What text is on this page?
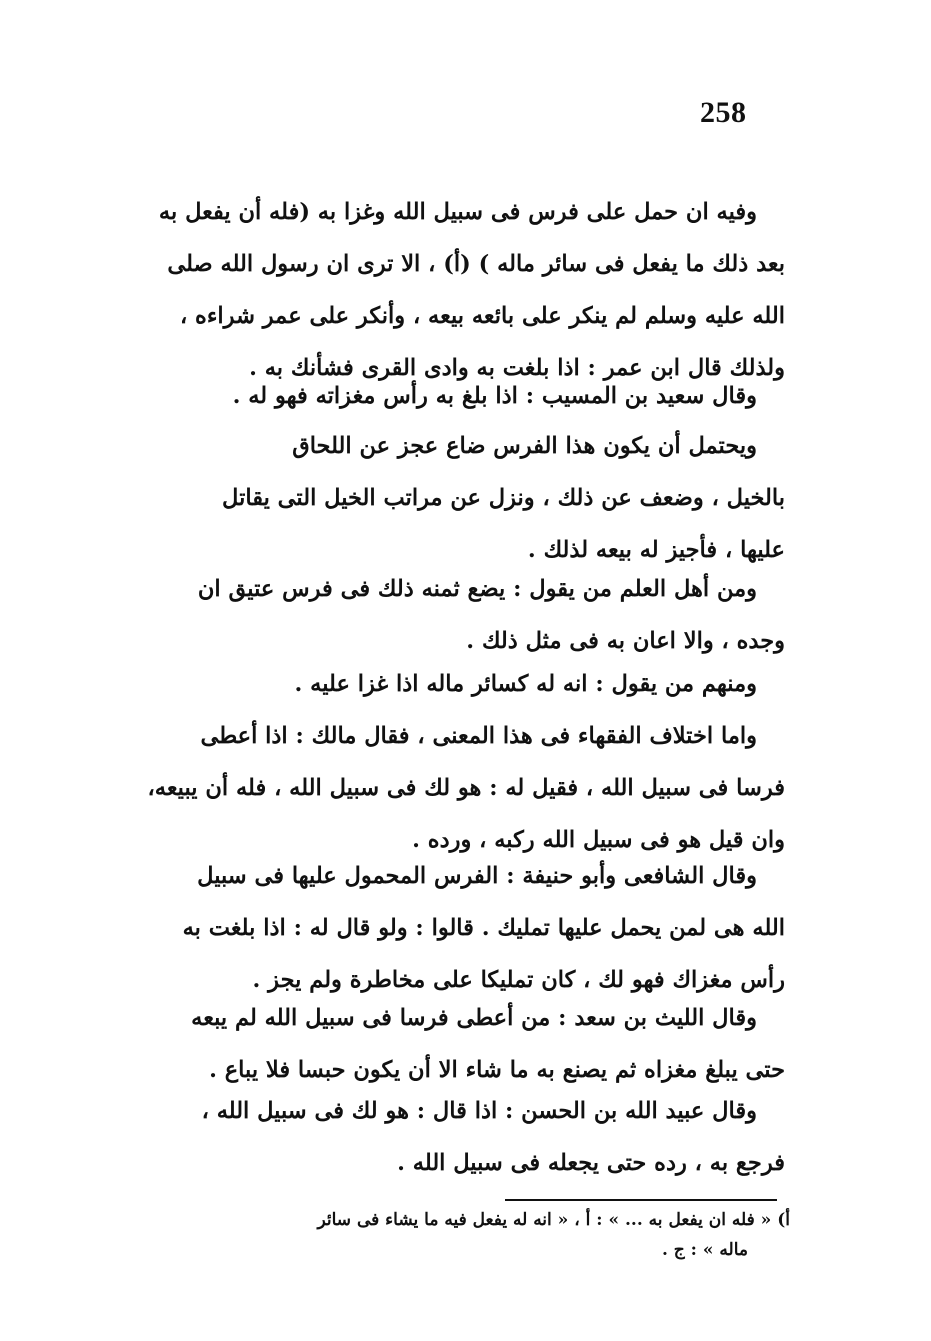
258
وفيه ان حمل على فرس فى سبيل الله وغزا به (فله أن يفعل به
بعد ذلك ما يفعل فى سائر ماله ) (أ) ، الا ترى ان رسول الله صلى
الله عليه وسلم لم ينكر على بائعه بيعه ، وأنكر على عمر شراءه ،
ولذلك قال ابن عمر : اذا بلغت به وادى القرى فشأنك به .
وقال سعيد بن المسيب : اذا بلغ به رأس مغزاته فهو له .
ويحتمل أن يكون هذا الفرس ضاع عجز عن اللحاق
بالخيل ، وضعف عن ذلك ، ونزل عن مراتب الخيل التى يقاتل
عليها ، فأجيز له بيعه لذلك .
ومن أهل العلم من يقول : يضع ثمنه ذلك فى فرس عتيق ان
وجده ، والا اعان به فى مثل ذلك .
ومنهم من يقول : انه له كسائر ماله اذا غزا عليه .
واما اختلاف الفقهاء فى هذا المعنى ، فقال مالك : اذا أعطى
فرسا فى سبيل الله ، فقيل له : هو لك فى سبيل الله ، فله أن يبيعه،
وان قيل هو فى سبيل الله ركبه ، ورده .
وقال الشافعى وأبو حنيفة : الفرس المحمول عليها فى سبيل
الله هى لمن يحمل عليها تمليك . قالوا : ولو قال له : اذا بلغت به
رأس مغزاك فهو لك ، كان تمليكا على مخاطرة ولم يجز .
وقال الليث بن سعد : من أعطى فرسا فى سبيل الله لم يبعه
حتى يبلغ مغزاه ثم يصنع به ما شاء الا أن يكون حبسا فلا يباع .
وقال عبيد الله بن الحسن : اذا قال : هو لك فى سبيل الله ،
فرجع به ، رده حتى يجعله فى سبيل الله .
أ) « فله ان يفعل به ... » : أ ، « انه له يفعل فيه ما يشاء فى سائر
ماله » : ج .
